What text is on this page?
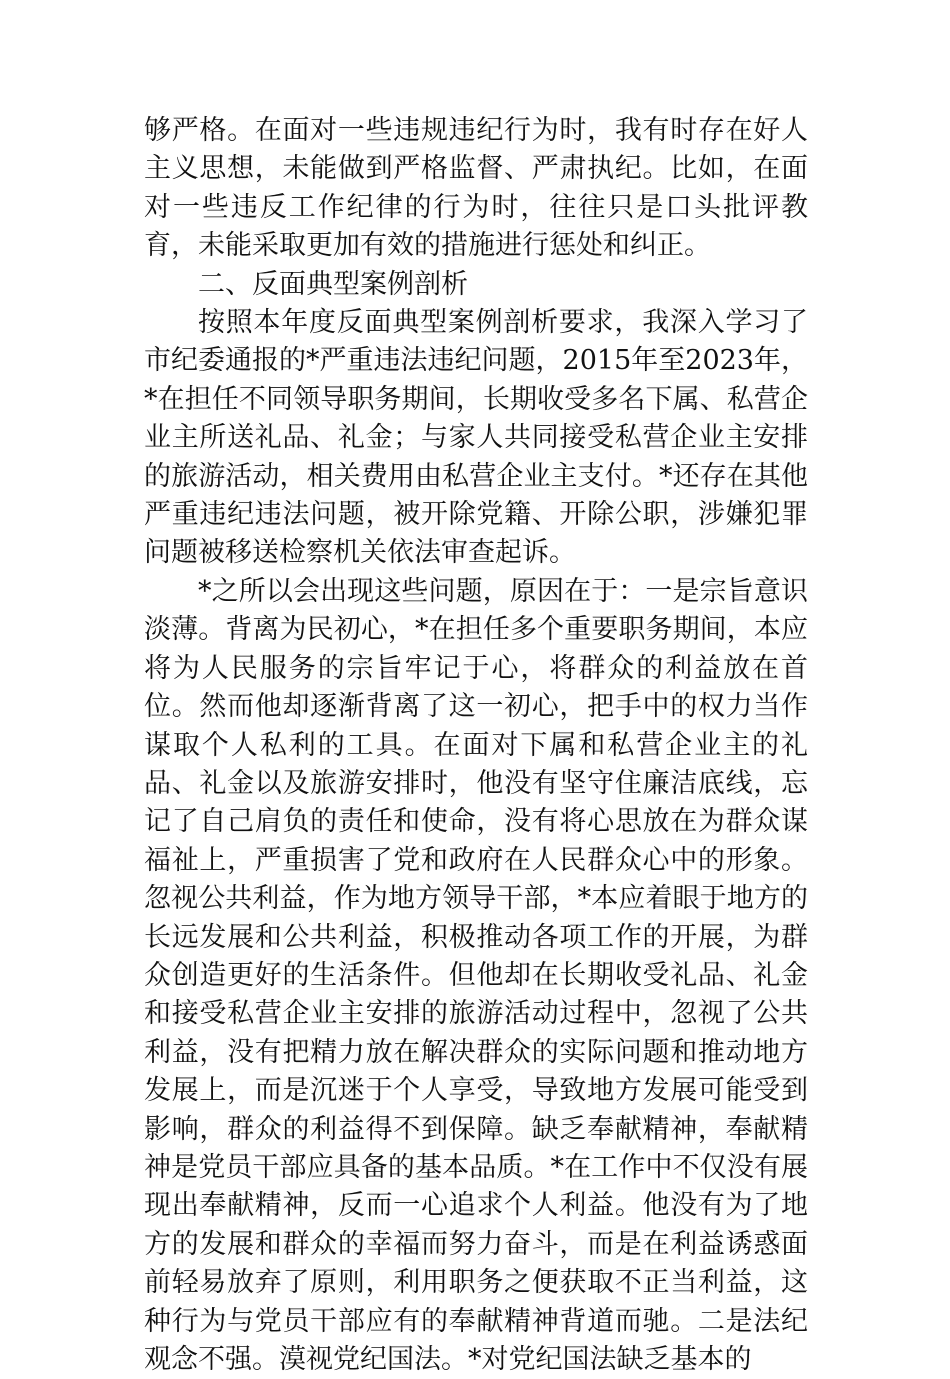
够严格。在面对一些违规违纪行为时，我有时存在好人主义思想，未能做到严格监督、严肃执纪。比如，在面对一些违反工作纪律的行为时，往往只是口头批评教育，未能采取更加有效的措施进行惩处和纠正。

二、反面典型案例剖析

按照本年度反面典型案例剖析要求，我深入学习了市纪委通报的*严重违法违纪问题，2015年至2023年，*在担任不同领导职务期间，长期收受多名下属、私营企业主所送礼品、礼金；与家人共同接受私营企业主安排的旅游活动，相关费用由私营企业主支付。*还存在其他严重违纪违法问题，被开除党籍、开除公职，涉嫌犯罪问题被移送检察机关依法审查起诉。

*之所以会出现这些问题，原因在于：一是宗旨意识淡薄。背离为民初心，*在担任多个重要职务期间，本应将为人民服务的宗旨牢记于心，将群众的利益放在首位。然而他却逐渐背离了这一初心，把手中的权力当作谋取个人私利的工具。在面对下属和私营企业主的礼品、礼金以及旅游安排时，他没有坚守住廉洁底线，忘记了自己肩负的责任和使命，没有将心思放在为群众谋福祉上，严重损害了党和政府在人民群众心中的形象。忽视公共利益，作为地方领导干部，*本应着眼于地方的长远发展和公共利益，积极推动各项工作的开展，为群众创造更好的生活条件。但他却在长期收受礼品、礼金和接受私营企业主安排的旅游活动过程中，忽视了公共利益，没有把精力放在解决群众的实际问题和推动地方发展上，而是沉迷于个人享受，导致地方发展可能受到影响，群众的利益得不到保障。缺乏奉献精神，奉献精神是党员干部应具备的基本品质。*在工作中不仅没有展现出奉献精神，反而一心追求个人利益。他没有为了地方的发展和群众的幸福而努力奋斗，而是在利益诱惑面前轻易放弃了原则，利用职务之便获取不正当利益，这种行为与党员干部应有的奉献精神背道而驰。二是法纪观念不强。漠视党纪国法。*对党纪国法缺乏基本的
